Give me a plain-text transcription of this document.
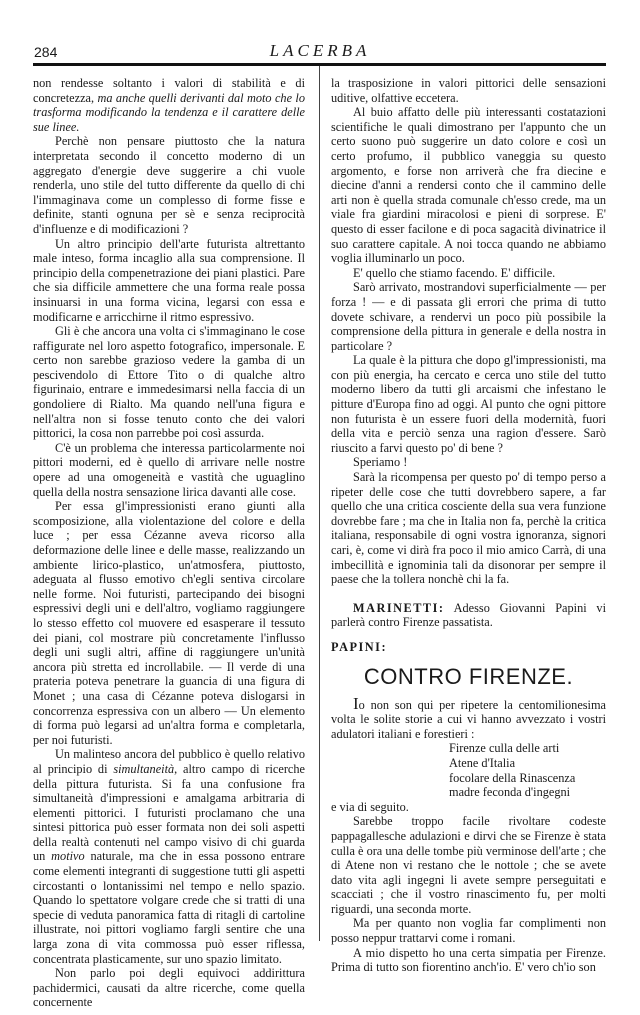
284	LACERBA

non rendesse soltanto i valori di stabilità e di concretezza, ma anche quelli derivanti dal moto che lo trasforma modificando la tendenza e il carattere delle sue linee.

Perchè non pensare piuttosto che la natura interpretata secondo il concetto moderno di un aggregato d'energie deve suggerire a chi vuole renderla, uno stile del tutto differente da quello di chi l'immaginava come un complesso di forme fisse e definite, stanti ognuna per sè e senza reciprocità d'influenze e di modificazioni ?

Un altro principio dell'arte futurista altrettanto male inteso, forma incaglio alla sua comprensione. Il principio della compenetrazione dei piani plastici. Pare che sia difficile ammettere che una forma reale possa insinuarsi in una forma vicina, legarsi con essa e modificarne e arricchirne il ritmo espressivo.

Gli è che ancora una volta ci s'immaginano le cose raffigurate nel loro aspetto fotografico, impersonale. E certo non sarebbe grazioso vedere la gamba di un pescivendolo di Ettore Tito o di qualche altro figurinaio, entrare e immedesimarsi nella faccia di un gondoliere di Rialto. Ma quando nell'una figura e nell'altra non si fosse tenuto conto che dei valori pittorici, la cosa non parrebbe poi così assurda.

C'è un problema che interessa particolarmente noi pittori moderni, ed è quello di arrivare nelle nostre opere ad una omogeneità e vastità che uguaglino quella della nostra sensazione lirica davanti alle cose.

Per essa gl'impressionisti erano giunti alla scomposizione, alla violentazione del colore e della luce ; per essa Cézanne aveva ricorso alla deformazione delle linee e delle masse, realizzando un ambiente lirico-plastico, un'atmosfera, piuttosto, adeguata al flusso emotivo ch'egli sentiva circolare nelle forme. Noi futuristi, partecipando dei bisogni espressivi degli uni e dell'altro, vogliamo raggiungere lo stesso effetto col muovere ed esasperare il tessuto dei piani, col mostrare più concretamente l'influsso degli uni sugli altri, affine di raggiungere un'unità ancora più stretta ed incrollabile. — Il verde di una prateria poteva penetrare la guancia di una figura di Monet ; una casa di Cézanne poteva dislogarsi in concorrenza espressiva con un albero — Un elemento di forma può legarsi ad un'altra forma e completarla, per noi futuristi.

Un malinteso ancora del pubblico è quello relativo al principio di simultaneità, altro campo di ricerche della pittura futurista. Si fa una confusione fra simultaneità d'impressioni e amalgama arbitraria di elementi pittorici. I futuristi proclamano che una sintesi pittorica può esser formata non dei soli aspetti della realtà contenuti nel campo visivo di chi guarda un motivo naturale, ma che in essa possono entrare come elementi integranti di suggestione tutti gli aspetti circostanti o lontanissimi nel tempo e nello spazio. Quando lo spettatore volgare crede che si tratti di una specie di veduta panoramica fatta di ritagli di cartoline illustrate, noi pittori vogliamo fargli sentire che una larga zona di vita commossa può esser riflessa, concentrata plasticamente, sur uno spazio limitato.

Non parlo poi degli equivoci addirittura pachidermici, causati da altre ricerche, come quella concernente

la trasposizione in valori pittorici delle sensazioni uditive, olfattive eccetera.

Al buio affatto delle più interessanti costatazioni scientifiche le quali dimostrano per l'appunto che un certo suono può suggerire un dato colore e così un certo profumo, il pubblico vaneggia su questo argomento, e forse non arriverà che fra diecine e diecine d'anni a rendersi conto che il cammino delle arti non è quella strada comunale ch'esso crede, ma un viale fra giardini miracolosi e pieni di sorprese. E' questo di esser facilone e di poca sagacità divinatrice il suo carattere capitale. A noi tocca quando ne abbiamo voglia illuminarlo un poco.

E' quello che stiamo facendo. E' difficile.

Sarò arrivato, mostrandovi superficialmente — per forza ! — e di passata gli errori che prima di tutto dovete schivare, a rendervi un poco più possibile la comprensione della pittura in generale e della nostra in particolare ?

La quale è la pittura che dopo gl'impressionisti, ma con più energia, ha cercato e cerca uno stile del tutto moderno libero da tutti gli arcaismi che infestano le pitture d'Europa fino ad oggi. Al punto che ogni pittore non futurista è un essere fuori della modernità, fuori della vita e perciò senza una ragion d'essere. Sarò riuscito a farvi questo po' di bene ?

Speriamo !

Sarà la ricompensa per questo po' di tempo perso a ripeter delle cose che tutti dovrebbero sapere, a far quello che una critica cosciente della sua vera funzione dovrebbe fare ; ma che in Italia non fa, perchè la critica italiana, responsabile di ogni vostra ignoranza, signori cari, è, come vi dirà fra poco il mio amico Carrà, di una imbecillità e ignominia tali da disonorar per sempre il paese che la tollera nonchè chi la fa.

MARINETTI: Adesso Giovanni Papini vi parlerà contro Firenze passatista.

PAPINI:
CONTRO FIRENZE.

Io non son qui per ripetere la centomilionesima volta le solite storie a cui vi hanno avvezzato i vostri adulatori italiani e forestieri :

Firenze culla delle arti
Atene d'Italia
focolare della Rinascenza
madre feconda d'ingegni

e via di seguito.

Sarebbe troppo facile rivoltare codeste pappagallesche adulazioni e dirvi che se Firenze è stata culla è ora una delle tombe più verminose dell'arte ; che di Atene non vi restano che le nottole ; che se avete dato vita agli ingegni li avete sempre perseguitati e scacciati ; che il vostro rinascimento fu, per molti riguardi, una seconda morte.

Ma per quanto non voglia far complimenti non posso neppur trattarvi come i romani.

A mio dispetto ho una certa simpatia per Firenze. Prima di tutto son fiorentino anch'io. E' vero ch'io son
